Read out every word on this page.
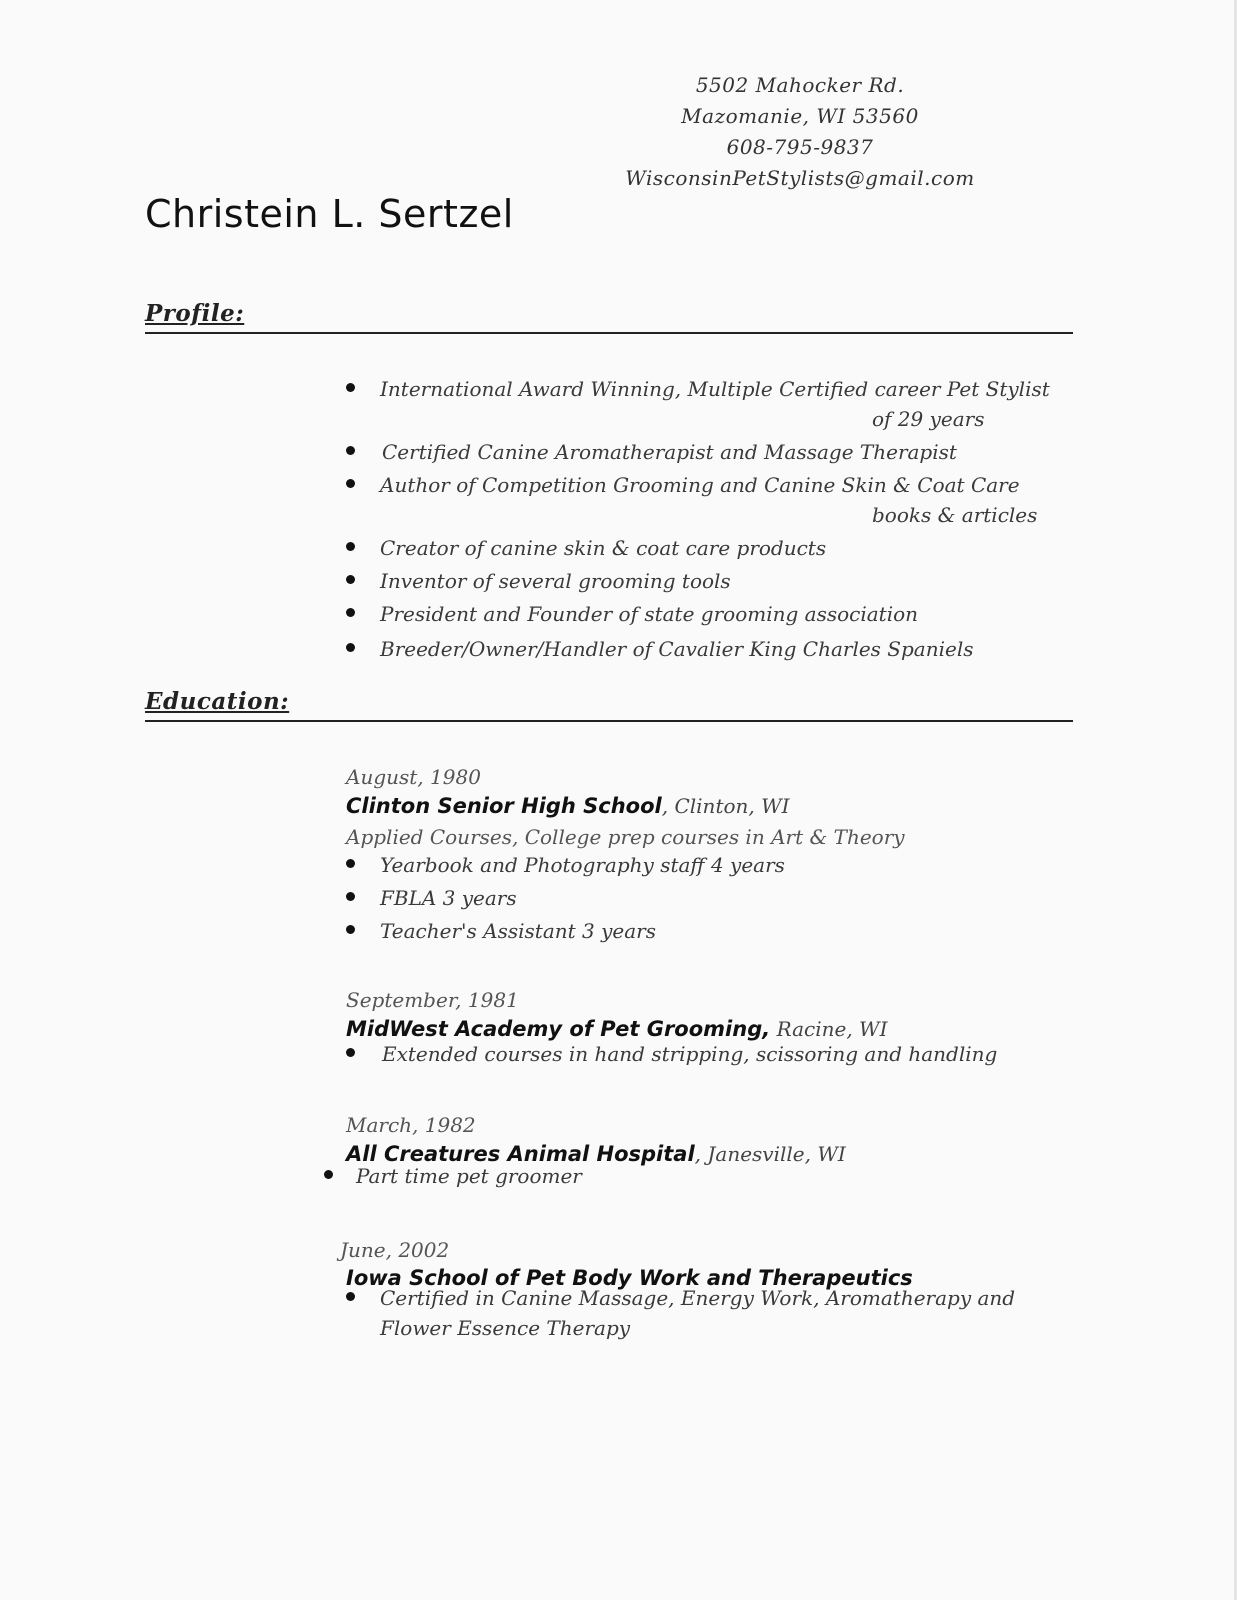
5502 Mahocker Rd.
Mazomanie, WI 53560
608-795-9837
WisconsinPetStylists@gmail.com
Christein L. Sertzel
Profile:
International Award Winning, Multiple Certified career Pet Stylist
of 29 years
Certified Canine Aromatherapist and Massage Therapist
Author of Competition Grooming and Canine Skin & Coat Care
books & articles
Creator of canine skin & coat care products
Inventor of several grooming tools
President and Founder of state grooming association
Breeder/Owner/Handler of Cavalier King Charles Spaniels
Education:
August, 1980
Clinton Senior High School, Clinton, WI
Applied Courses, College prep courses in Art & Theory
Yearbook and Photography staff 4 years
FBLA 3 years
Teacher's Assistant 3 years
September, 1981
MidWest Academy of Pet Grooming, Racine, WI
Extended courses in hand stripping, scissoring and handling
March, 1982
All Creatures Animal Hospital, Janesville, WI
Part time pet groomer
June, 2002
Iowa School of Pet Body Work and Therapeutics
Certified in Canine Massage, Energy Work, Aromatherapy and
Flower Essence Therapy
